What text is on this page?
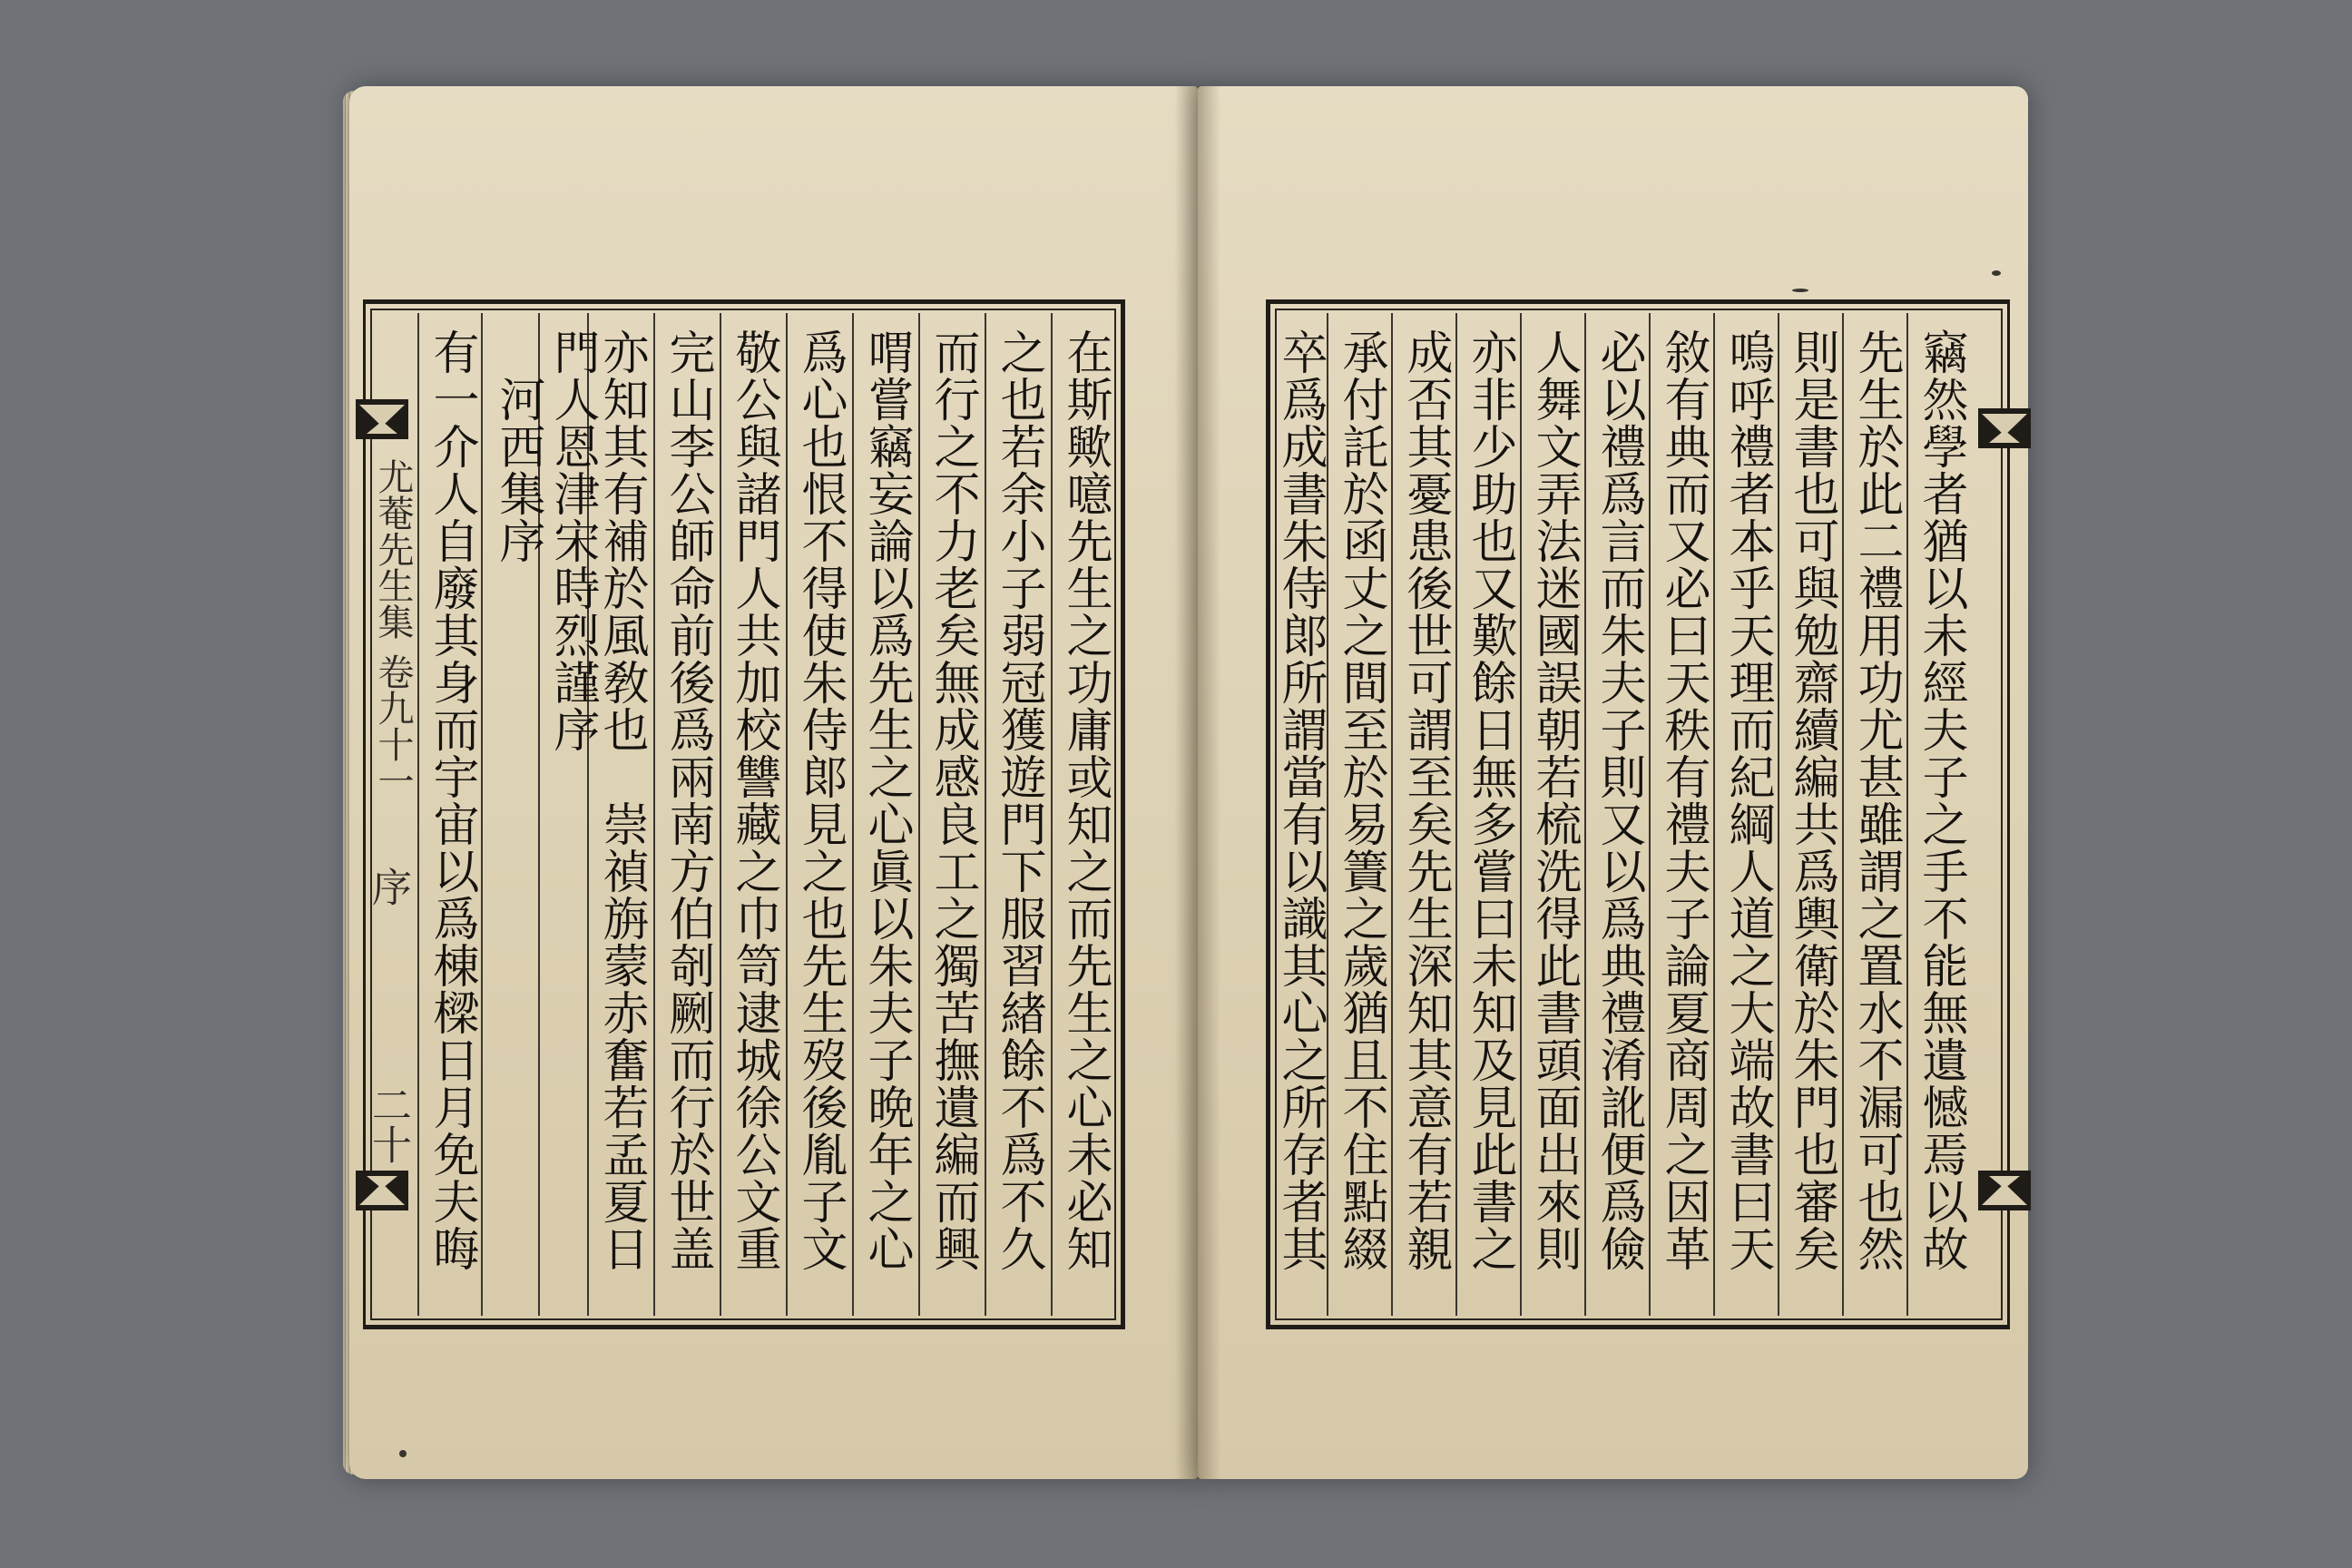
尤菴先生集
卷九十一
序
二十	在斯歟噫先生之功庸或知之而先生之心未必知
之也若余小子弱冠獲遊門下服習緖餘不爲不久
而行之不力老矣無成感良工之獨苦撫遺編而興
喟嘗竊妄論以爲先生之心眞以朱夫子晩年之心
爲心也恨不得使朱侍郞見之也先生歿後胤子文
敬公與諸門人共加校讐藏之巾笥逮城徐公文重
完山李公師命前後爲兩南方伯剞劂而行於世盖
亦知其有補於風敎也　崇禎旃蒙赤奮若孟夏日
門人恩津宋時烈謹序
　河西集序
有一介人自廢其身而宇宙以爲棟樑日月免夫晦	竊然學者猶以未經夫子之手不能無遺憾焉以故
先生於此二禮用功尤甚雖謂之置水不漏可也然
則是書也可與勉齋續編共爲輿衛於朱門也審矣
嗚呼禮者本乎天理而紀綱人道之大端故書曰天
敘有典而又必曰天秩有禮夫子論夏商周之因革
必以禮爲言而朱夫子則又以爲典禮淆訛便爲儉
人舞文弄法迷國誤朝若梳洗得此書頭面出來則
亦非少助也又歎餘日無多嘗曰未知及見此書之
成否其憂患後世可謂至矣先生深知其意有若親
承付託於函丈之間至於易簀之歲猶且不住點綴
卒爲成書朱侍郞所謂當有以識其心之所存者其
